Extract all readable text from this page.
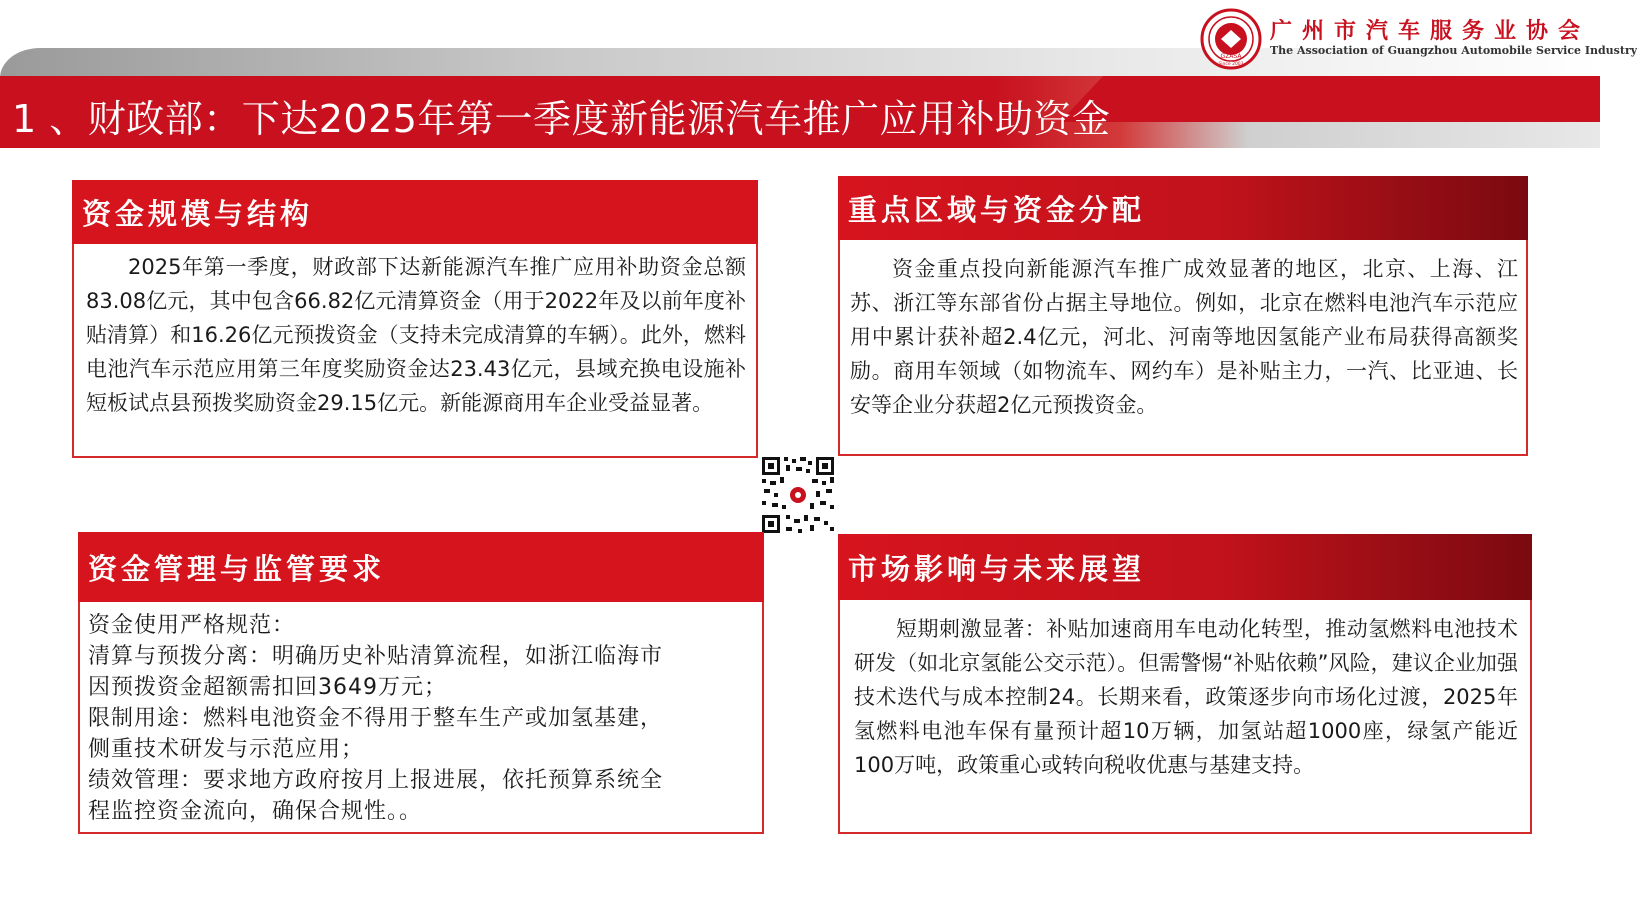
1 、财政部：下达2025年第一季度新能源汽车推广应用补助资金
GZASA
Since 2003
广州市汽车服务业协会
The Association of Guangzhou Automobile Service Industry
资金规模与结构

2025年第一季度，财政部下达新能源汽车推广应用补助资金总额83.08亿元，其中包含66.82亿元清算资金（用于2022年及以前年度补贴清算）和16.26亿元预拨资金（支持未完成清算的车辆）。此外，燃料电池汽车示范应用第三年度奖励资金达23.43亿元，县域充换电设施补短板试点县预拨奖励资金29.15亿元。新能源商用车企业受益显著。

重点区域与资金分配

资金重点投向新能源汽车推广成效显著的地区，北京、上海、江苏、浙江等东部省份占据主导地位。例如，北京在燃料电池汽车示范应用中累计获补超2.4亿元，河北、河南等地因氢能产业布局获得高额奖励。商用车领域（如物流车、网约车）是补贴主力，一汽、比亚迪、长安等企业分获超2亿元预拨资金。

资金管理与监管要求
资金使用严格规范：
清算与预拨分离：明确历史补贴清算流程，如浙江临海市
因预拨资金超额需扣回3649万元；
限制用途：燃料电池资金不得用于整车生产或加氢基建，
侧重技术研发与示范应用；
绩效管理：要求地方政府按月上报进展，依托预算系统全
程监控资金流向，确保合规性。。
市场影响与未来展望

短期刺激显著：补贴加速商用车电动化转型，推动氢燃料电池技术研发（如北京氢能公交示范）。但需警惕“补贴依赖”风险，建议企业加强技术迭代与成本控制24。长期来看，政策逐步向市场化过渡，2025年氢燃料电池车保有量预计超10万辆，加氢站超1000座，绿氢产能近100万吨，政策重心或转向税收优惠与基建支持。
